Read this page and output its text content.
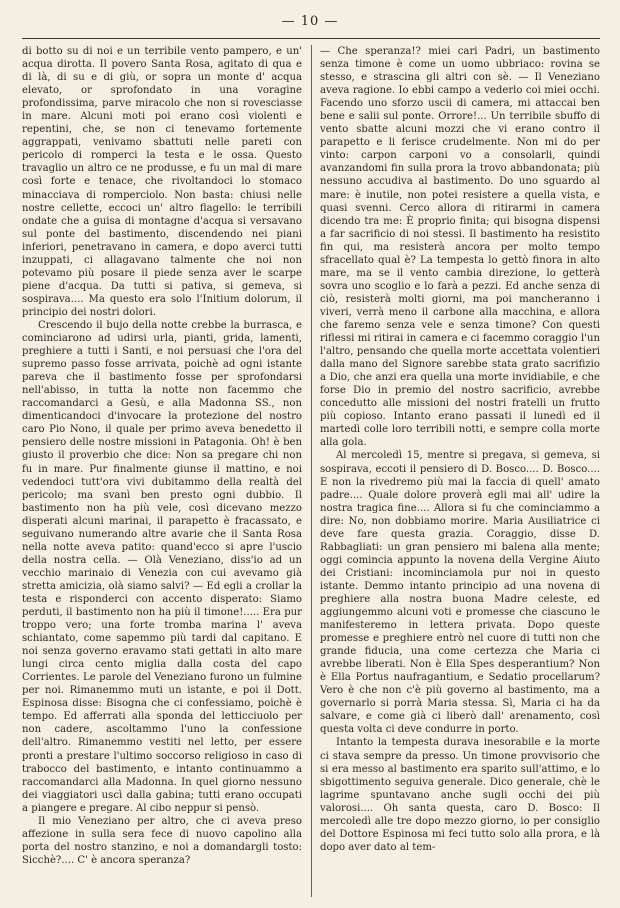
— 10 —

di botto su di noi e un terribile vento pampero, e un' acqua dirotta. Il povero Santa Rosa, agitato di qua e di là, di su e di giù, or sopra un monte d' acqua elevato, or sprofondato in una voragine profondissima, parve miracolo che non si rovesciasse in mare. Alcuni moti poi erano così violenti e repentini, che, se non ci tenevamo fortemente aggrappati, venivamo sbattuti nelle pareti con pericolo di romperci la testa e le ossa. Questo travaglio un altro ce ne produsse, e fu un mal di mare così forte e tenace, che rivoltandoci lo stomaco minacciava di romperciolo. Non basta: chiusi nelle nostre cellette, eccoci un' altro flagello: le terribili ondate che a guisa di montagne d'acqua si versavano sul ponte del bastimento, discendendo nei piani inferiori, penetravano in camera, e dopo averci tutti inzuppati, ci allagavano talmente che noi non potevamo più posare il piede senza aver le scarpe piene d'acqua. Da tutti si pativa, si gemeva, si sospirava.... Ma questo era solo l'Initium dolorum, il principio dei nostri dolori.

Crescendo il bujo della notte crebbe la burrasca, e cominciarono ad udirsi urla, pianti, grida, lamenti, preghiere a tutti i Santi, e noi persuasi che l'ora del supremo passo fosse arrivata, poichè ad ogni istante pareva che il bastimento fosse per sprofondarsi nell'abisso, in tutta la notte non facemmo che raccomandarci a Gesù, e alla Madonna SS., non dimenticandoci d'invocare la protezione del nostro caro Pio Nono, il quale per primo aveva benedetto il pensiero delle nostre missioni in Patagonia. Oh! è ben giusto il proverbio che dice: Non sa pregare chi non fu in mare. Pur finalmente giunse il mattino, e noi vedendoci tutt'ora vivi dubitammo della realtà del pericolo; ma svanì ben presto ogni dubbio. Il bastimento non ha più vele, così dicevano mezzo disperati alcuni marinai, il parapetto è fracassato, e seguivano numerando altre avarie che il Santa Rosa nella notte aveva patito: quand'ecco si apre l'uscio della nostra cella. — Olà Veneziano, diss'io ad un vecchio marinaio di Venezia con cui avevamo già stretta amicizia, olà siamo salvi? — Ed egli a crollar la testa e risponderci con accento disperato: Siamo perduti, il bastimento non ha più il timone!..... Era pur troppo vero; una forte tromba marina l' aveva schiantato, come sapemmo più tardi dal capitano. E noi senza governo eravamo stati gettati in alto mare lungi circa cento miglia dalla costa del capo Corrientes. Le parole del Veneziano furono un fulmine per noi. Rimanemmo muti un istante, e poi il Dott. Espinosa disse: Bisogna che ci confessiamo, poichè è tempo. Ed afferrati alla sponda del letticciuolo per non cadere, ascoltammo l'uno la confessione dell'altro. Rimanemmo vestiti nel letto, per essere pronti a prestare l'ultimo soccorso religioso in caso di trabocco del bastimento, e intanto continuammo a raccomandarci alla Madonna. In quel giorno nessuno dei viaggiatori uscì dalla gabina; tutti erano occupati a piangere e pregare. Al cibo neppur si pensò.

Il mio Veneziano per altro, che ci aveva preso affezione in sulla sera fece di nuovo capolino alla porta del nostro stanzino, e noi a domandargli tosto: Sicchè?.... C' è ancora speranza?

— Che speranza!? miei cari Padri, un bastimento senza timone è come un uomo ubbriaco: rovina se stesso, e strascina gli altri con sè. — Il Veneziano aveva ragione. Io ebbi campo a vederlo coi miei occhi. Facendo uno sforzo uscii di camera, mi attaccai ben bene e salii sul ponte. Orrore!... Un terribile sbuffo di vento sbatte alcuni mozzi che vi erano contro il parapetto e li ferisce crudelmente. Non mi do per vinto: carpon carponi vo a consolarli, quindi avanzandomi fin sulla prora la trovo abbandonata; più nessuno accudiva al bastimento. Do uno sguardo al mare: è inutile, non potei resistere a quella vista, e quasi svenni. Cerco allora di ritirarmi in camera dicendo tra me: È proprio finita; qui bisogna dispensi a far sacrificio di noi stessi. Il bastimento ha resistito fin qui, ma resisterà ancora per molto tempo sfracellato qual è? La tempesta lo gettò finora in alto mare, ma se il vento cambia direzione, lo getterà sovra uno scoglio e lo farà a pezzi. Ed anche senza di ciò, resisterà molti giorni, ma poi mancheranno i viveri, verrà meno il carbone alla macchina, e allora che faremo senza vele e senza timone? Con questi riflessi mi ritirai in camera e ci facemmo coraggio l'un l'altro, pensando che quella morte accettata volentieri dalla mano del Signore sarebbe stata grato sacrifizio a Dio, che anzi era quella una morte invidiabile, e che forse Dio in premio del nostro sacrificio, avrebbe concedutto alle missioni del nostri fratelli un frutto più copioso. Intanto erano passati il lunedì ed il martedì colle loro terribili notti, e sempre colla morte alla gola.

Al mercoledì 15, mentre si pregava, si gemeva, si sospirava, eccoti il pensiero di D. Bosco.... D. Bosco.... E non la rivedremo più mai la faccia di quell' amato padre.... Quale dolore proverà egli mai all' udire la nostra tragica fine.... Allora si fu che cominciammo a dire: No, non dobbiamo morire. Maria Ausiliatrice ci deve fare questa grazia. Coraggio, disse D. Rabbagliati: un gran pensiero mi balena alla mente; oggi comincia appunto la novena della Vergine Aiuto dei Cristiani: incominciamola pur noi in questo istante. Demmo intanto principio ad una novena di preghiere alla nostra buona Madre celeste, ed aggiungemmo alcuni voti e promesse che ciascuno le manifesteremo in lettera privata. Dopo queste promesse e preghiere entrò nel cuore di tutti non che grande fiducia, una come certezza che Maria ci avrebbe liberati. Non è Ella Spes desperantium? Non è Ella Portus naufragantium, e Sedatio procellarum? Vero è che non c'è più governo al bastimento, ma a governarlo si porrà Maria stessa. Sì, Maria ci ha da salvare, e come già ci liberò dall' arenamento, così questa volta ci deve condurre in porto.

Intanto la tempesta durava inesorabile e la morte ci stava sempre da presso. Un timone provvisorio che si era messo al bastimento era sparito sull'attimo, e lo sbigottimento seguiva generale. Dico generale, chè le lagrime spuntavano anche sugli occhi dei più valorosi.... Oh santa questa, caro D. Bosco: Il mercoledì alle tre dopo mezzo giorno, io per consiglio del Dottore Espinosa mi feci tutto solo alla prora, e là dopo aver dato al tem-
